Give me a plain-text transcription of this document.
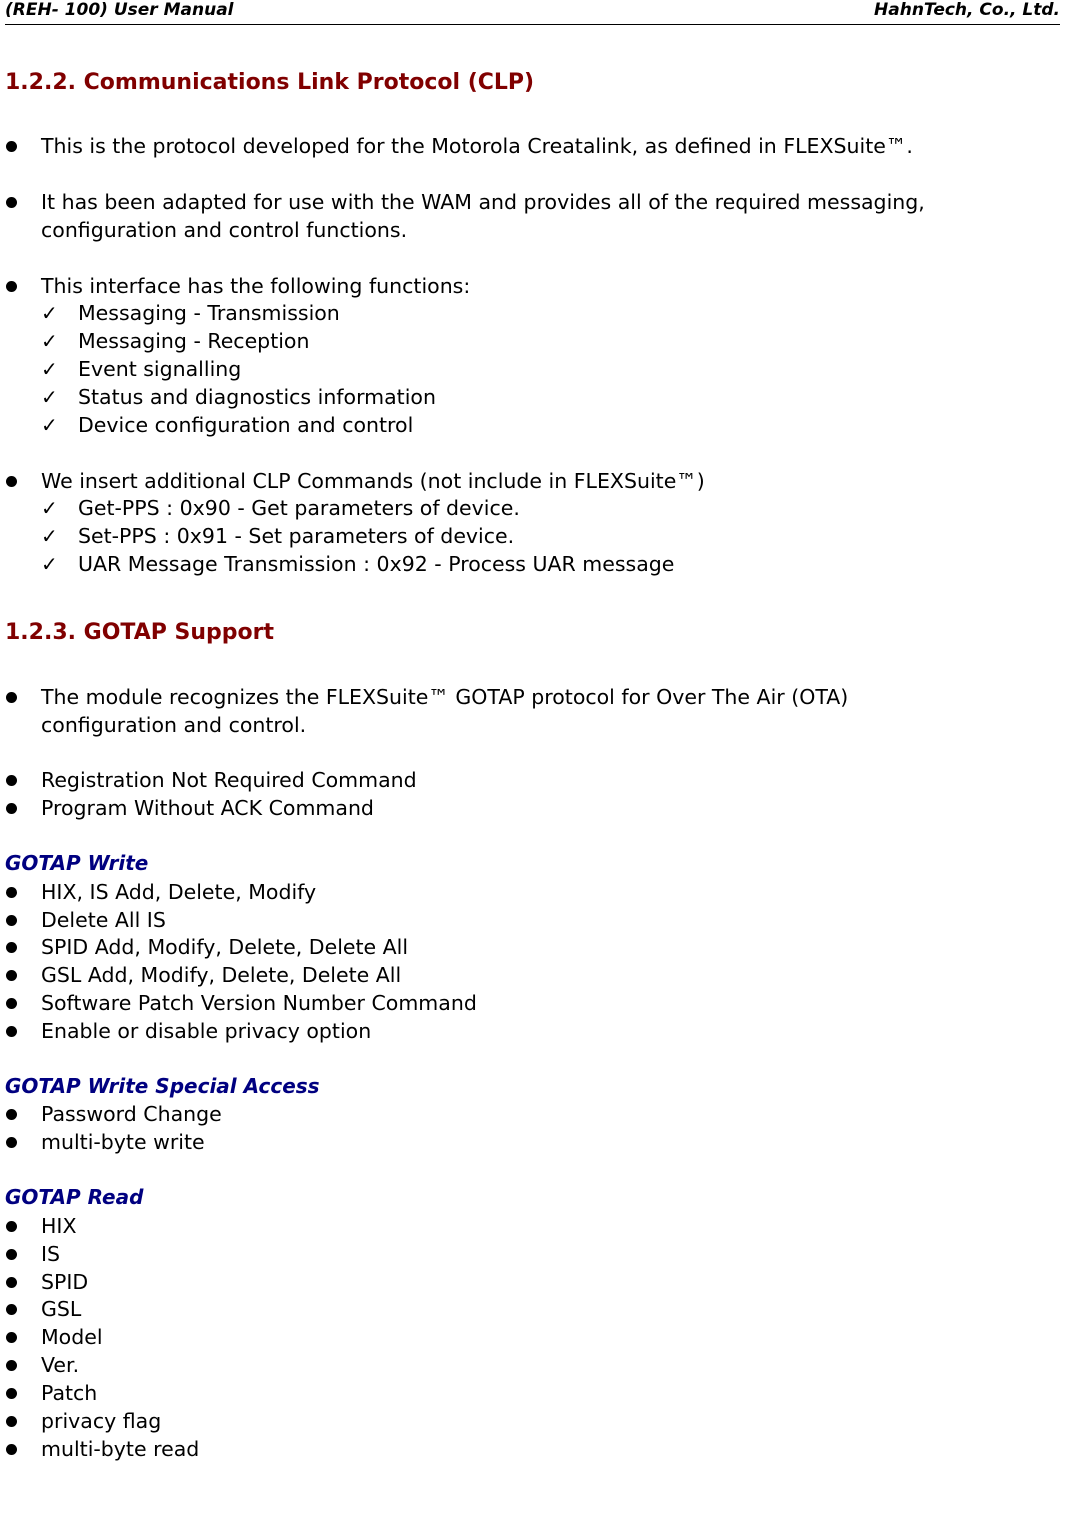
(REH- 100) User Manual	HahnTech, Co., Ltd.
1.2.2. Communications Link Protocol (CLP)
This is the protocol developed for the Motorola Creatalink, as defined in FLEXSuite™.
It has been adapted for use with the WAM and provides all of the required messaging,
configuration and control functions.
This interface has the following functions:
✓ Messaging - Transmission
✓ Messaging - Reception
✓ Event signalling
✓ Status and diagnostics information
✓ Device configuration and control
We insert additional CLP Commands (not include in FLEXSuite™)
✓ Get-PPS : 0x90 - Get parameters of device.
✓ Set-PPS : 0x91 - Set parameters of device.
✓ UAR Message Transmission : 0x92 - Process UAR message
1.2.3. GOTAP Support
The module recognizes the FLEXSuite™ GOTAP protocol for Over The Air (OTA)
configuration and control.
Registration Not Required Command
Program Without ACK Command
GOTAP Write
HIX, IS Add, Delete, Modify
Delete All IS
SPID Add, Modify, Delete, Delete All
GSL Add, Modify, Delete, Delete All
Software Patch Version Number Command
Enable or disable privacy option
GOTAP Write Special Access
Password Change
multi-byte write
GOTAP Read
HIX
IS
SPID
GSL
Model
Ver.
Patch
privacy flag
multi-byte read
